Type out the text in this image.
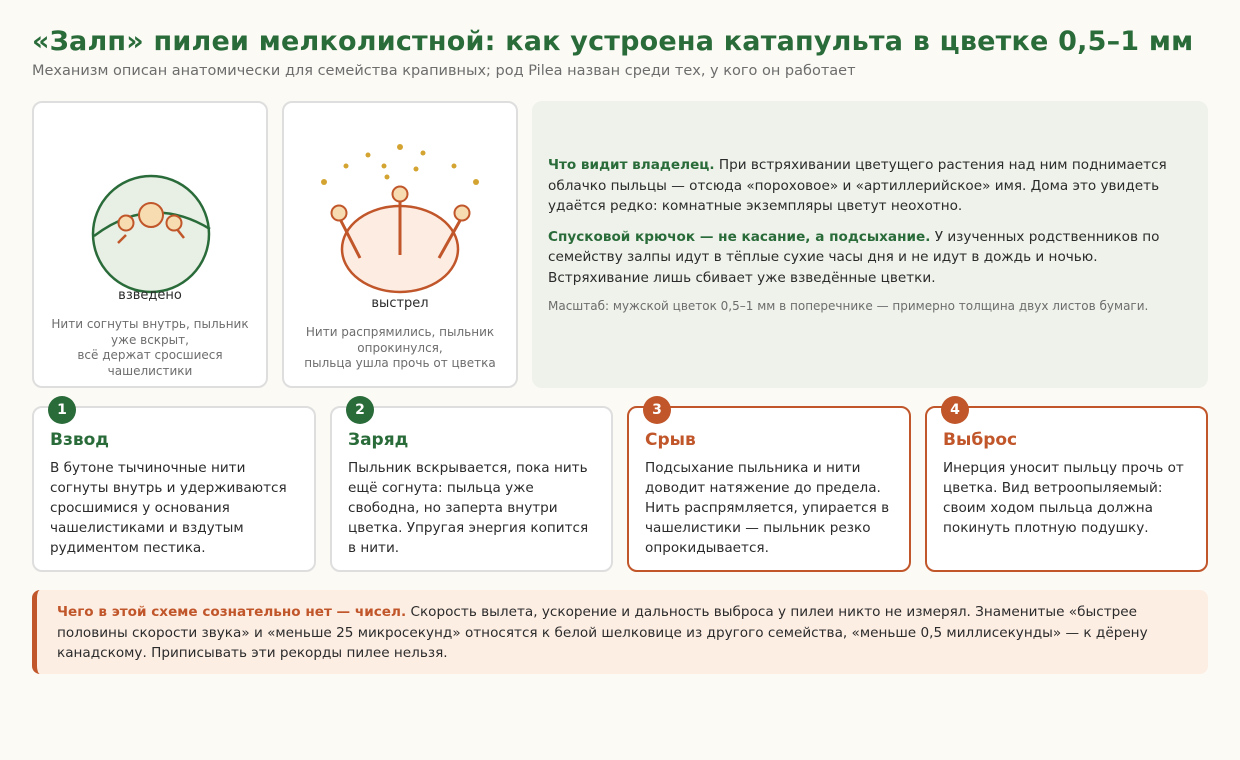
«Залп» пилеи мелколистной: как устроена катапульта в цветке 0,5–1 мм
Механизм описан анатомически для семейства крапивных; род Pilea назван среди тех, у кого он работает
взведено
Нити согнуты внутрь, пыльник уже вскрыт,
всё держат сросшиеся чашелистики
выстрел
Нити распрямились, пыльник опрокинулся,
пыльца ушла прочь от цветка

Что видит владелец. При встряхивании цветущего растения над ним поднимается облачко пыльцы — отсюда «пороховое» и «артиллерийское» имя. Дома это увидеть удаётся редко: комнатные экземпляры цветут неохотно.

Спусковой крючок — не касание, а подсыхание. У изученных родственников по семейству залпы идут в тёплые сухие часы дня и не идут в дождь и ночью. Встряхивание лишь сбивает уже взведённые цветки.

Масштаб: мужской цветок 0,5–1 мм в поперечнике — примерно толщина двух листов бумаги.
1
Взвод

В бутоне тычиночные нити согнуты внутрь и удерживаются сросшимися у основания чашелистиками и вздутым рудиментом пестика.

2
Заряд

Пыльник вскрывается, пока нить ещё согнута: пыльца уже свободна, но заперта внутри цветка. Упругая энергия копится в нити.

3
Срыв

Подсыхание пыльника и нити доводит натяжение до предела. Нить распрямляется, упирается в чашелистики — пыльник резко опрокидывается.

4
Выброс

Инерция уносит пыльцу прочь от цветка. Вид ветроопыляемый: своим ходом пыльца должна покинуть плотную подушку.

Чего в этой схеме сознательно нет — чисел. Скорость вылета, ускорение и дальность выброса у пилеи никто не измерял. Знаменитые «быстрее половины скорости звука» и «меньше 25 микросекунд» относятся к белой шелковице из другого семейства, «меньше 0,5 миллисекунды» — к дёрену канадскому. Приписывать эти рекорды пилее нельзя.
